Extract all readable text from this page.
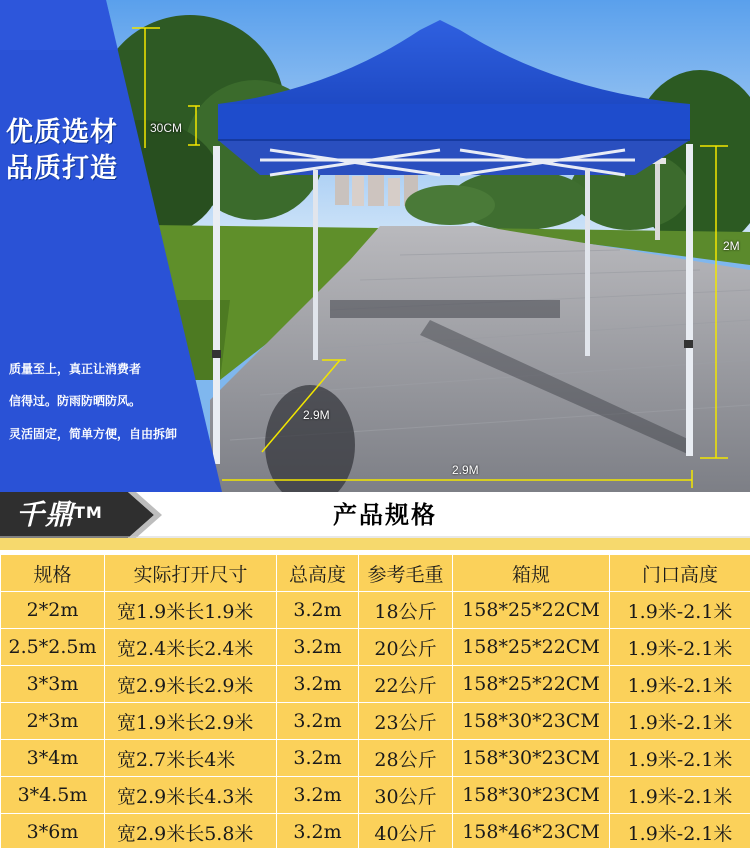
优质选材
品质打造
质量至上，真正让消费者
信得过。防雨防晒防风。
灵活固定，简单方便，自由拆卸
30CM
2M
2.9M
2.9M
千鼎™	产品规格
规格	实际打开尺寸	总高度	参考毛重	箱规	门口高度
2*2m	宽1.9米长1.9米	3.2m	18公斤	158*25*22CM	1.9米-2.1米
2.5*2.5m	宽2.4米长2.4米	3.2m	20公斤	158*25*22CM	1.9米-2.1米
3*3m	宽2.9米长2.9米	3.2m	22公斤	158*25*22CM	1.9米-2.1米
2*3m	宽1.9米长2.9米	3.2m	23公斤	158*30*23CM	1.9米-2.1米
3*4m	宽2.7米长4米	3.2m	28公斤	158*30*23CM	1.9米-2.1米
3*4.5m	宽2.9米长4.3米	3.2m	30公斤	158*30*23CM	1.9米-2.1米
3*6m	宽2.9米长5.8米	3.2m	40公斤	158*46*23CM	1.9米-2.1米
